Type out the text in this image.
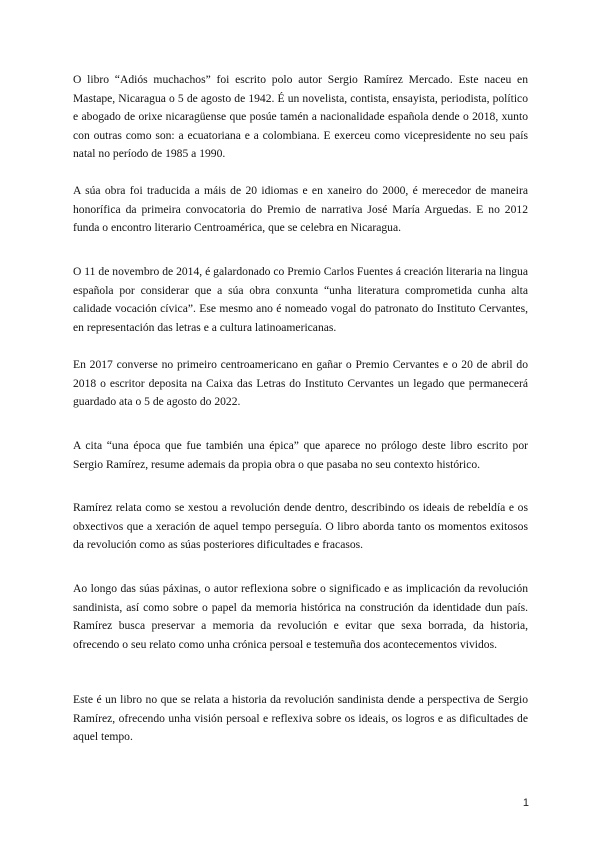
O libro “Adiós muchachos” foi escrito polo autor Sergio Ramírez Mercado. Este naceu en Mastape, Nicaragua o 5 de agosto de 1942. É un novelista, contista, ensayista, periodista, político e abogado de orixe nicaragüense que posúe tamén a nacionalidade española dende o 2018, xunto con outras como son: a ecuatoriana e a colombiana. E exerceu como vicepresidente no seu país natal no período de 1985 a 1990.

A súa obra foi traducida a máis de 20 idiomas e en xaneiro do 2000, é merecedor de maneira honorífica da primeira convocatoria do Premio de narrativa José María Arguedas. E no 2012 funda o encontro literario Centroamérica, que se celebra en Nicaragua.

O 11 de novembro de 2014, é galardonado co Premio Carlos Fuentes á creación literaria na lingua española por considerar que a súa obra conxunta “unha literatura comprometida cunha alta calidade vocación cívica”. Ese mesmo ano é nomeado vogal do patronato do Instituto Cervantes, en representación das letras e a cultura latinoamericanas.

En 2017 converse no primeiro centroamericano en gañar o Premio Cervantes e o 20 de abril do 2018 o escritor deposita na Caixa das Letras do Instituto Cervantes un legado que permanecerá guardado ata o 5 de agosto do 2022.

A cita “una época que fue también una épica” que aparece no prólogo deste libro escrito por Sergio Ramírez, resume ademais da propia obra o que pasaba no seu contexto histórico.

Ramírez relata como se xestou a revolución dende dentro, describindo os ideais de rebeldía e os obxectivos que a xeración de aquel tempo perseguía. O libro aborda tanto os momentos exitosos da revolución como as súas posteriores dificultades e fracasos.

Ao longo das súas páxinas, o autor reflexiona sobre o significado e as implicación da revolución sandinista, así como sobre o papel da memoria histórica na construción da identidade dun país. Ramírez busca preservar a memoria da revolución e evitar que sexa borrada, da historia, ofrecendo o seu relato como unha crónica persoal e testemuña dos acontecementos vividos.

Este é un libro no que se relata a historia da revolución sandinista dende a perspectiva de Sergio Ramírez, ofrecendo unha visión persoal e reflexiva sobre os ideais, os logros e as dificultades de aquel tempo.

1
